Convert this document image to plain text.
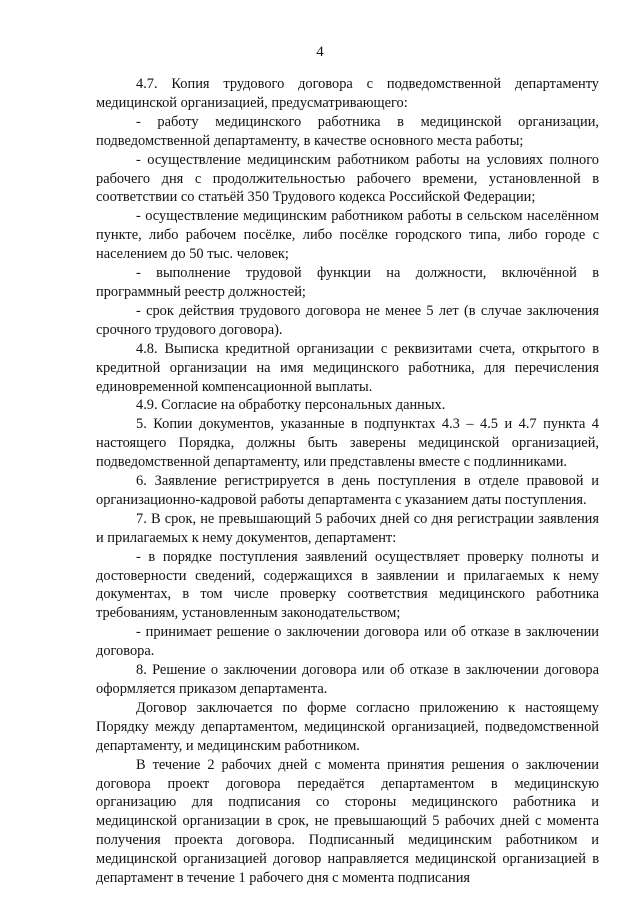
4

4.7. Копия трудового договора с подведомственной департаменту медицинской организацией, предусматривающего:

- работу медицинского работника в медицинской организации, подведомственной департаменту, в качестве основного места работы;

- осуществление медицинским работником работы на условиях полного рабочего дня с продолжительностью рабочего времени, установленной в соответствии со статьёй 350 Трудового кодекса Российской Федерации;

- осуществление медицинским работником работы в сельском населённом пункте, либо рабочем посёлке, либо посёлке городского типа, либо городе с населением до 50 тыс. человек;

- выполнение трудовой функции на должности, включённой в программный реестр должностей;

- срок действия трудового договора не менее 5 лет (в случае заключения срочного трудового договора).

4.8. Выписка кредитной организации с реквизитами счета, открытого в кредитной организации на имя медицинского работника, для перечисления единовременной компенсационной выплаты.

4.9. Согласие на обработку персональных данных.

5. Копии документов, указанные в подпунктах 4.3 – 4.5 и 4.7 пункта 4 настоящего Порядка, должны быть заверены медицинской организацией, подведомственной департаменту, или представлены вместе с подлинниками.

6. Заявление регистрируется в день поступления в отделе правовой и организационно-кадровой работы департамента с указанием даты поступления.

7. В срок, не превышающий 5 рабочих дней со дня регистрации заявления и прилагаемых к нему документов, департамент:

- в порядке поступления заявлений осуществляет проверку полноты и достоверности сведений, содержащихся в заявлении и прилагаемых к нему документах, в том числе проверку соответствия медицинского работника требованиям, установленным законодательством;

- принимает решение о заключении договора или об отказе в заключении договора.

8. Решение о заключении договора или об отказе в заключении договора оформляется приказом департамента.

Договор заключается по форме согласно приложению к настоящему Порядку между департаментом, медицинской организацией, подведомственной департаменту, и медицинским работником.

В течение 2 рабочих дней с момента принятия решения о заключении договора проект договора передаётся департаментом в медицинскую организацию для подписания со стороны медицинского работника и медицинской организации в срок, не превышающий 5 рабочих дней с момента получения проекта договора. Подписанный медицинским работником и медицинской организацией договор направляется медицинской организацией в департамент в течение 1 рабочего дня с момента подписания
